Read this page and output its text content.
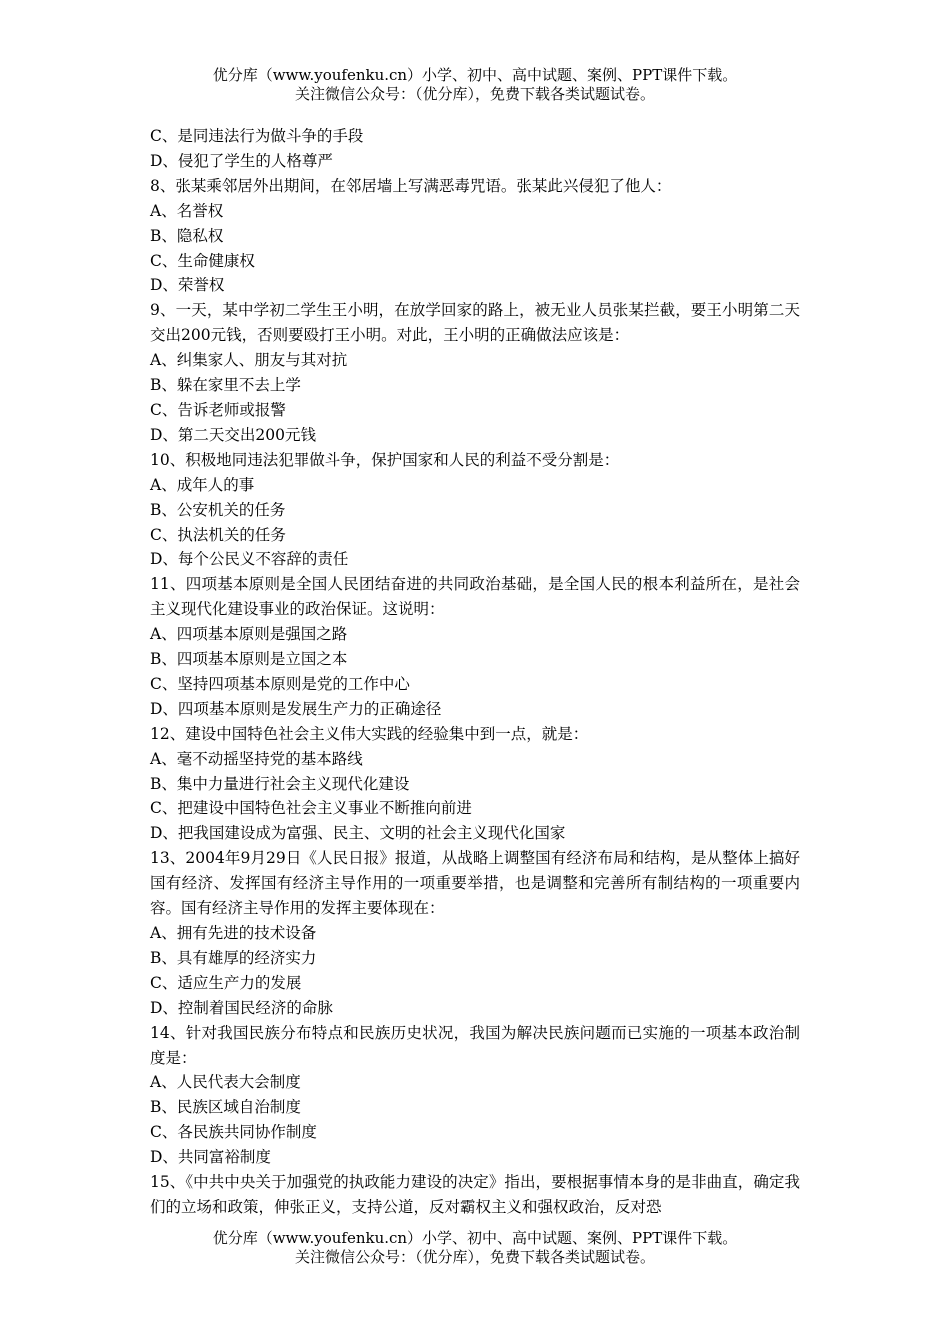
优分库（www.youfenku.cn）小学、初中、高中试题、案例、PPT课件下载。
关注微信公众号：（优分库），免费下载各类试题试卷。
C、是同违法行为做斗争的手段
D、侵犯了学生的人格尊严
8、张某乘邻居外出期间，在邻居墙上写满恶毒咒语。张某此兴侵犯了他人：
A、名誉权
B、隐私权
C、生命健康权
D、荣誉权
9、一天，某中学初二学生王小明，在放学回家的路上，被无业人员张某拦截，要王小明第二天交出200元钱，否则要殴打王小明。对此，王小明的正确做法应该是：
A、纠集家人、朋友与其对抗
B、躲在家里不去上学
C、告诉老师或报警
D、第二天交出200元钱
10、积极地同违法犯罪做斗争，保护国家和人民的利益不受分割是：
A、成年人的事
B、公安机关的任务
C、执法机关的任务
D、每个公民义不容辞的责任
11、四项基本原则是全国人民团结奋进的共同政治基础，是全国人民的根本利益所在，是社会主义现代化建设事业的政治保证。这说明：
A、四项基本原则是强国之路
B、四项基本原则是立国之本
C、坚持四项基本原则是党的工作中心
D、四项基本原则是发展生产力的正确途径
12、建设中国特色社会主义伟大实践的经验集中到一点，就是：
A、毫不动摇坚持党的基本路线
B、集中力量进行社会主义现代化建设
C、把建设中国特色社会主义事业不断推向前进
D、把我国建设成为富强、民主、文明的社会主义现代化国家
13、2004年9月29日《人民日报》报道，从战略上调整国有经济布局和结构，是从整体上搞好国有经济、发挥国有经济主导作用的一项重要举措，也是调整和完善所有制结构的一项重要内容。国有经济主导作用的发挥主要体现在：
A、拥有先进的技术设备
B、具有雄厚的经济实力
C、适应生产力的发展
D、控制着国民经济的命脉
14、针对我国民族分布特点和民族历史状况，我国为解决民族问题而已实施的一项基本政治制度是：
A、人民代表大会制度
B、民族区域自治制度
C、各民族共同协作制度
D、共同富裕制度
15、《中共中央关于加强党的执政能力建设的决定》指出，要根据事情本身的是非曲直，确定我们的立场和政策，伸张正义，支持公道，反对霸权主义和强权政治，反对恐
优分库（www.youfenku.cn）小学、初中、高中试题、案例、PPT课件下载。
关注微信公众号：（优分库），免费下载各类试题试卷。
